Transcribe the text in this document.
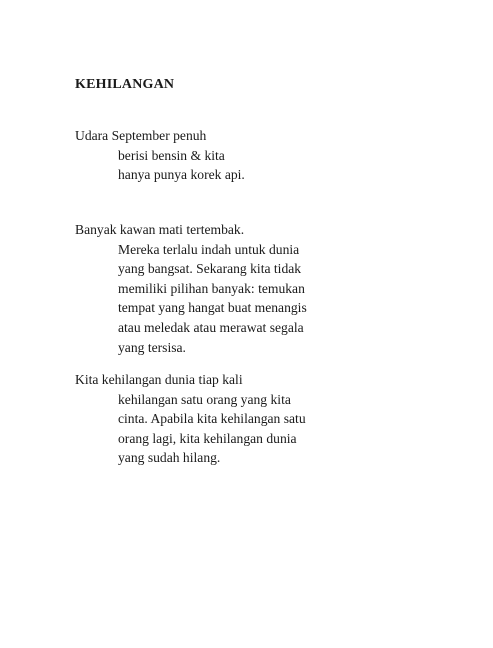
KEHILANGAN
Udara September penuh
berisi bensin & kita
hanya punya korek api.
Banyak kawan mati tertembak.
Mereka terlalu indah untuk dunia
yang bangsat. Sekarang kita tidak
memiliki pilihan banyak: temukan
tempat yang hangat buat menangis
atau meledak atau merawat segala
yang tersisa.
Kita kehilangan dunia tiap kali
kehilangan satu orang yang kita
cinta. Apabila kita kehilangan satu
orang lagi, kita kehilangan dunia
yang sudah hilang.
